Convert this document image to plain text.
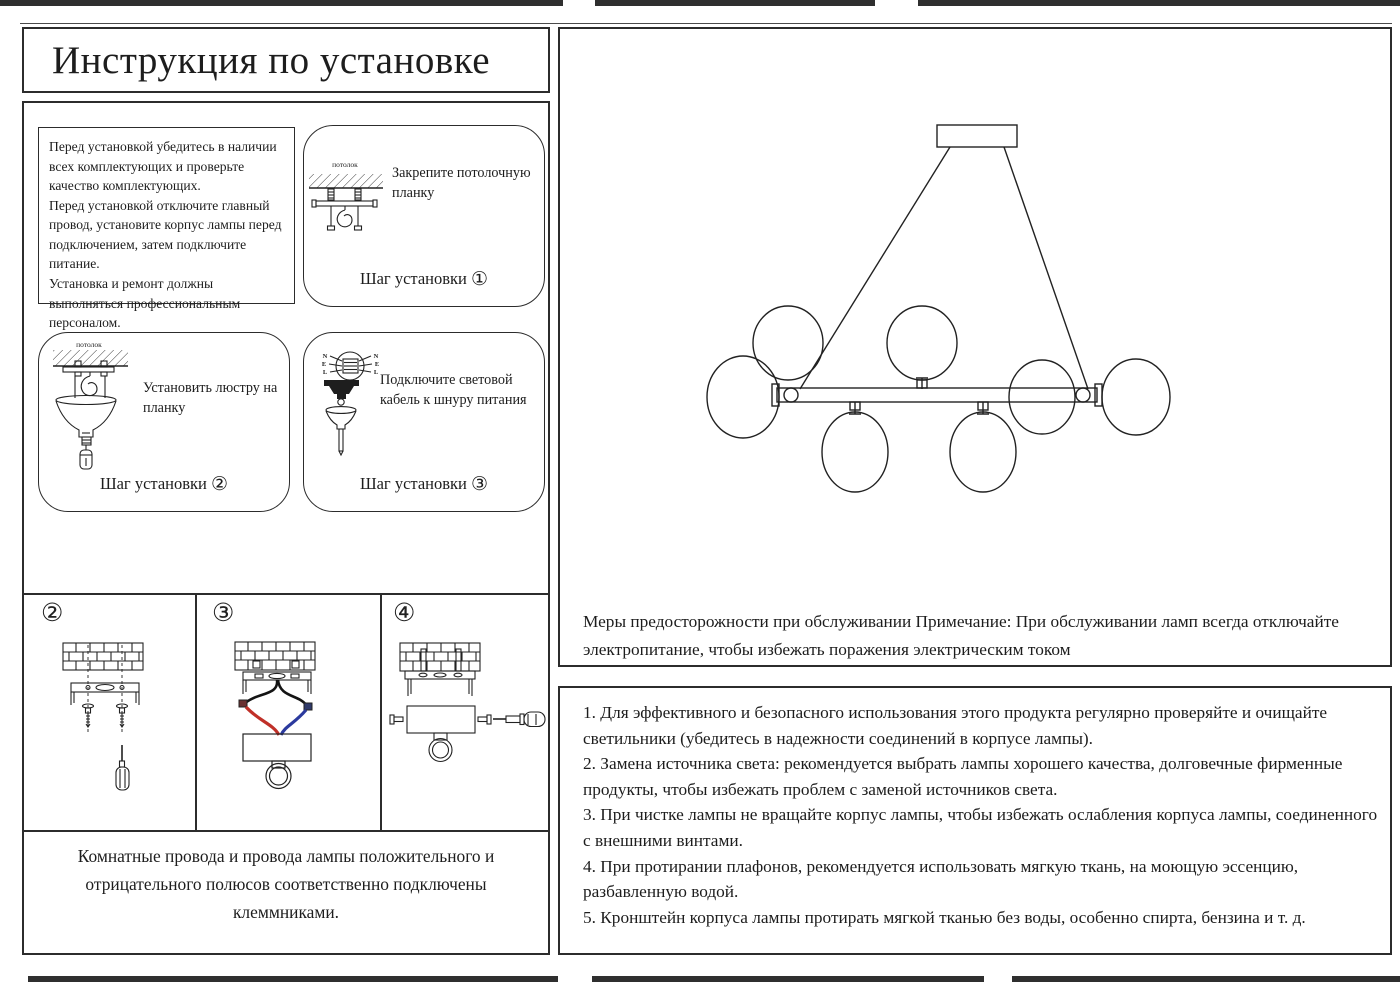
Инструкция по установке
Перед установкой убедитесь в наличии всех комплектующих и проверьте качество комплектующих.
Перед установкой отключите главный провод, установите корпус лампы перед подключением, затем подключите питание.
Установка и ремонт должны выполняться профессиональным персоналом.
потолок
Закрепите потолочную планку
Шаг установки ①
потолок
Установить люстру на планку
Шаг установки ②
N
E
L
N
E
L Подключите световой кабель к шнуру питания
Шаг установки ③
②	③	④
Комнатные провода и провода лампы положительного и отрицательного полюсов соответственно подключены клеммниками.
Меры предосторожности при обслуживании Примечание: При обслуживании ламп всегда отключайте электропитание, чтобы избежать поражения электрическим током
1. Для эффективного и безопасного использования этого продукта регулярно проверяйте и очищайте светильники (убедитесь в надежности соединений в корпусе лампы).
2. Замена источника света: рекомендуется выбрать лампы хорошего качества, долговечные фирменные продукты, чтобы избежать проблем с заменой источников света.
3. При чистке лампы не вращайте корпус лампы, чтобы избежать ослабления корпуса лампы, соединенного с внешними винтами.
4. При протирании плафонов, рекомендуется использовать мягкую ткань, на моющую эссенцию, разбавленную водой.
5. Кронштейн корпуса лампы протирать мягкой тканью без воды, особенно спирта, бензина и т. д.
